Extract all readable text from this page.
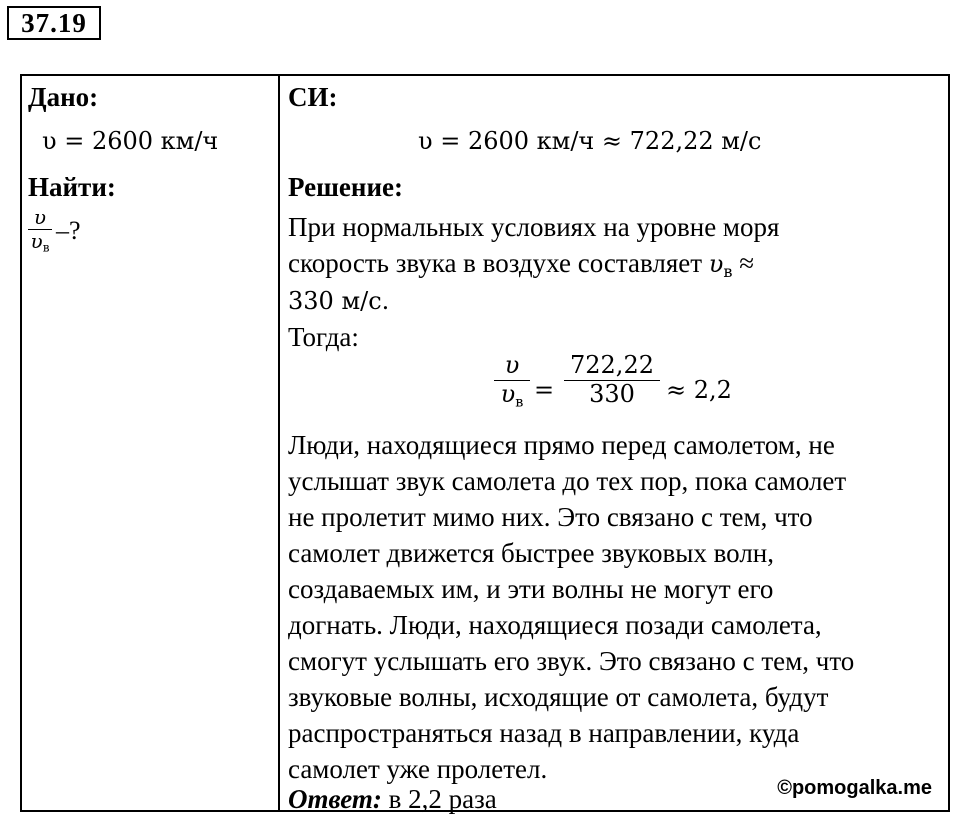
37.19
Дано:
υ = 2600 км/ч
Найти:
υ
$\upsilon_в$
–?
СИ:
υ = 2600 км/ч ≈ 722,22 м/с
Решение:
При нормальных условиях на уровне моря
скорость звука в воздухе составляет $\upsilon_в$ ≈
330 м/с.
Тогда:
υ
$\upsilon_в$ =
722,22
330 ≈ 2,2
Люди, находящиеся прямо перед самолетом, не
услышат звук самолета до тех пор, пока самолет
не пролетит мимо них. Это связано с тем, что
самолет движется быстрее звуковых волн,
создаваемых им, и эти волны не могут его
догнать. Люди, находящиеся позади самолета,
смогут услышать его звук. Это связано с тем, что
звуковые волны, исходящие от самолета, будут
распространяться назад в направлении, куда
самолет уже пролетел.
Ответ: в 2,2 раза	©pomogalka.me
